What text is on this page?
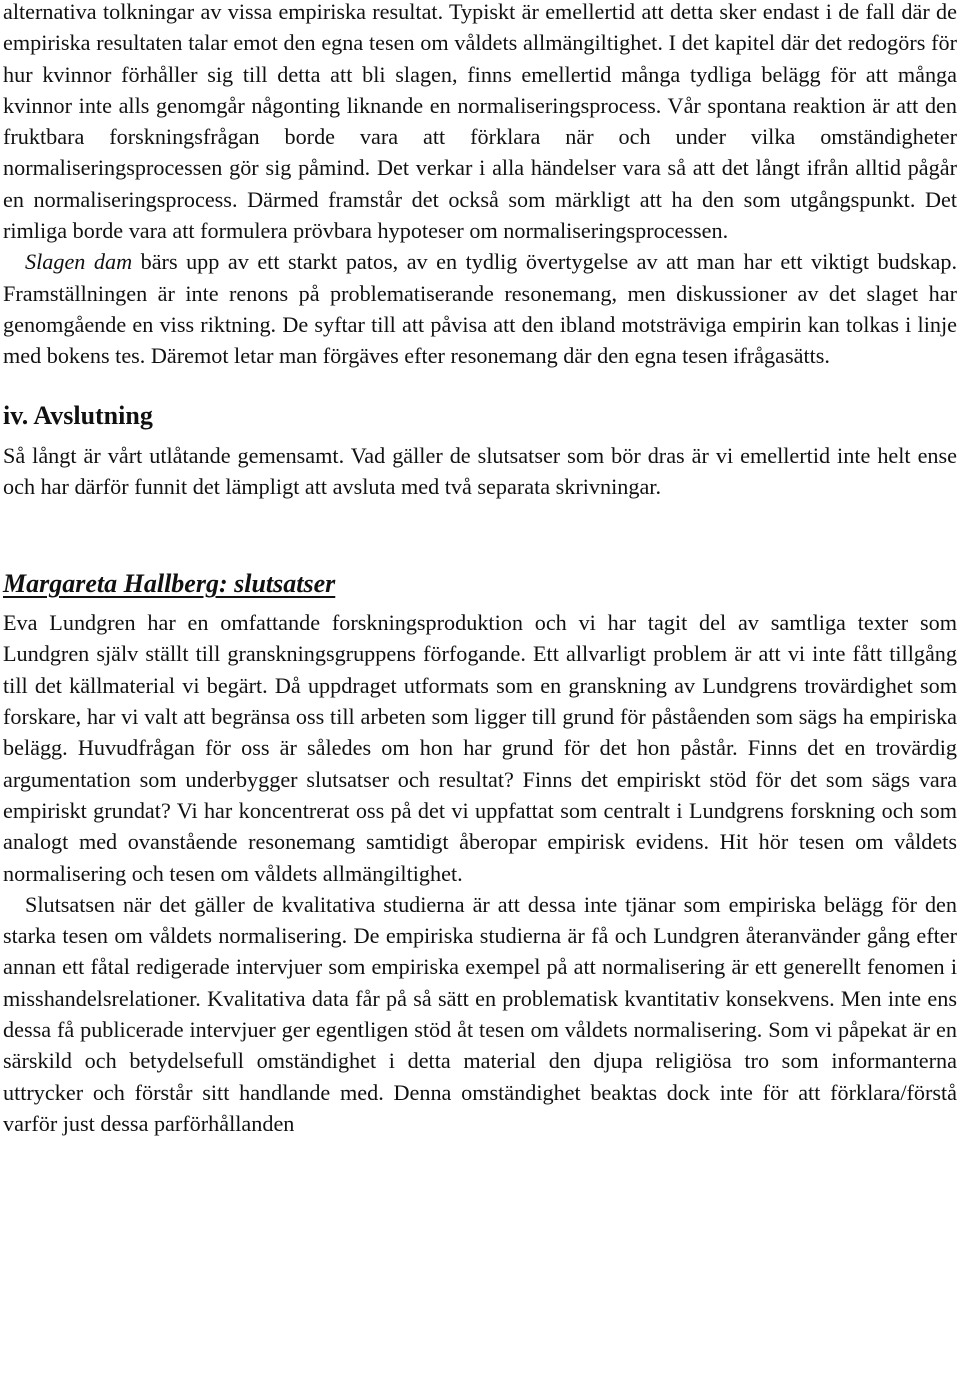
alternativa tolkningar av vissa empiriska resultat. Typiskt är emellertid att detta sker endast i de fall där de empiriska resultaten talar emot den egna tesen om våldets allmängiltighet. I det kapitel där det redogörs för hur kvinnor förhåller sig till detta att bli slagen, finns emellertid många tydliga belägg för att många kvinnor inte alls genomgår någonting liknande en normaliseringsprocess. Vår spontana reaktion är att den fruktbara forskningsfrågan borde vara att förklara när och under vilka omständigheter normaliseringsprocessen gör sig påmind. Det verkar i alla händelser vara så att det långt ifrån alltid pågår en normaliseringsprocess. Därmed framstår det också som märkligt att ha den som utgångspunkt. Det rimliga borde vara att formulera prövbara hypoteser om normaliseringsprocessen.

Slagen dam bärs upp av ett starkt patos, av en tydlig övertygelse av att man har ett viktigt budskap. Framställningen är inte renons på problematiserande resonemang, men diskussioner av det slaget har genomgående en viss riktning. De syftar till att påvisa att den ibland motsträviga empirin kan tolkas i linje med bokens tes. Däremot letar man förgäves efter resonemang där den egna tesen ifrågasätts.

iv. Avslutning

Så långt är vårt utlåtande gemensamt. Vad gäller de slutsatser som bör dras är vi emellertid inte helt ense och har därför funnit det lämpligt att avsluta med två separata skrivningar.

Margareta Hallberg: slutsatser

Eva Lundgren har en omfattande forskningsproduktion och vi har tagit del av samtliga texter som Lundgren själv ställt till granskningsgruppens förfogande. Ett allvarligt problem är att vi inte fått tillgång till det källmaterial vi begärt. Då uppdraget utformats som en granskning av Lundgrens trovärdighet som forskare, har vi valt att begränsa oss till arbeten som ligger till grund för påståenden som sägs ha empiriska belägg. Huvudfrågan för oss är således om hon har grund för det hon påstår. Finns det en trovärdig argumentation som underbygger slutsatser och resultat? Finns det empiriskt stöd för det som sägs vara empiriskt grundat? Vi har koncentrerat oss på det vi uppfattat som centralt i Lundgrens forskning och som analogt med ovanstående resonemang samtidigt åberopar empirisk evidens. Hit hör tesen om våldets normalisering och tesen om våldets allmängiltighet.

Slutsatsen när det gäller de kvalitativa studierna är att dessa inte tjänar som empiriska belägg för den starka tesen om våldets normalisering. De empiriska studierna är få och Lundgren återanvänder gång efter annan ett fåtal redigerade intervjuer som empiriska exempel på att normalisering är ett generellt fenomen i misshandelsrelationer. Kvalitativa data får på så sätt en problematisk kvantitativ konsekvens. Men inte ens dessa få publicerade intervjuer ger egentligen stöd åt tesen om våldets normalisering. Som vi påpekat är en särskild och betydelsefull omständighet i detta material den djupa religiösa tro som informanterna uttrycker och förstår sitt handlande med. Denna omständighet beaktas dock inte för att förklara/förstå varför just dessa parförhållanden
